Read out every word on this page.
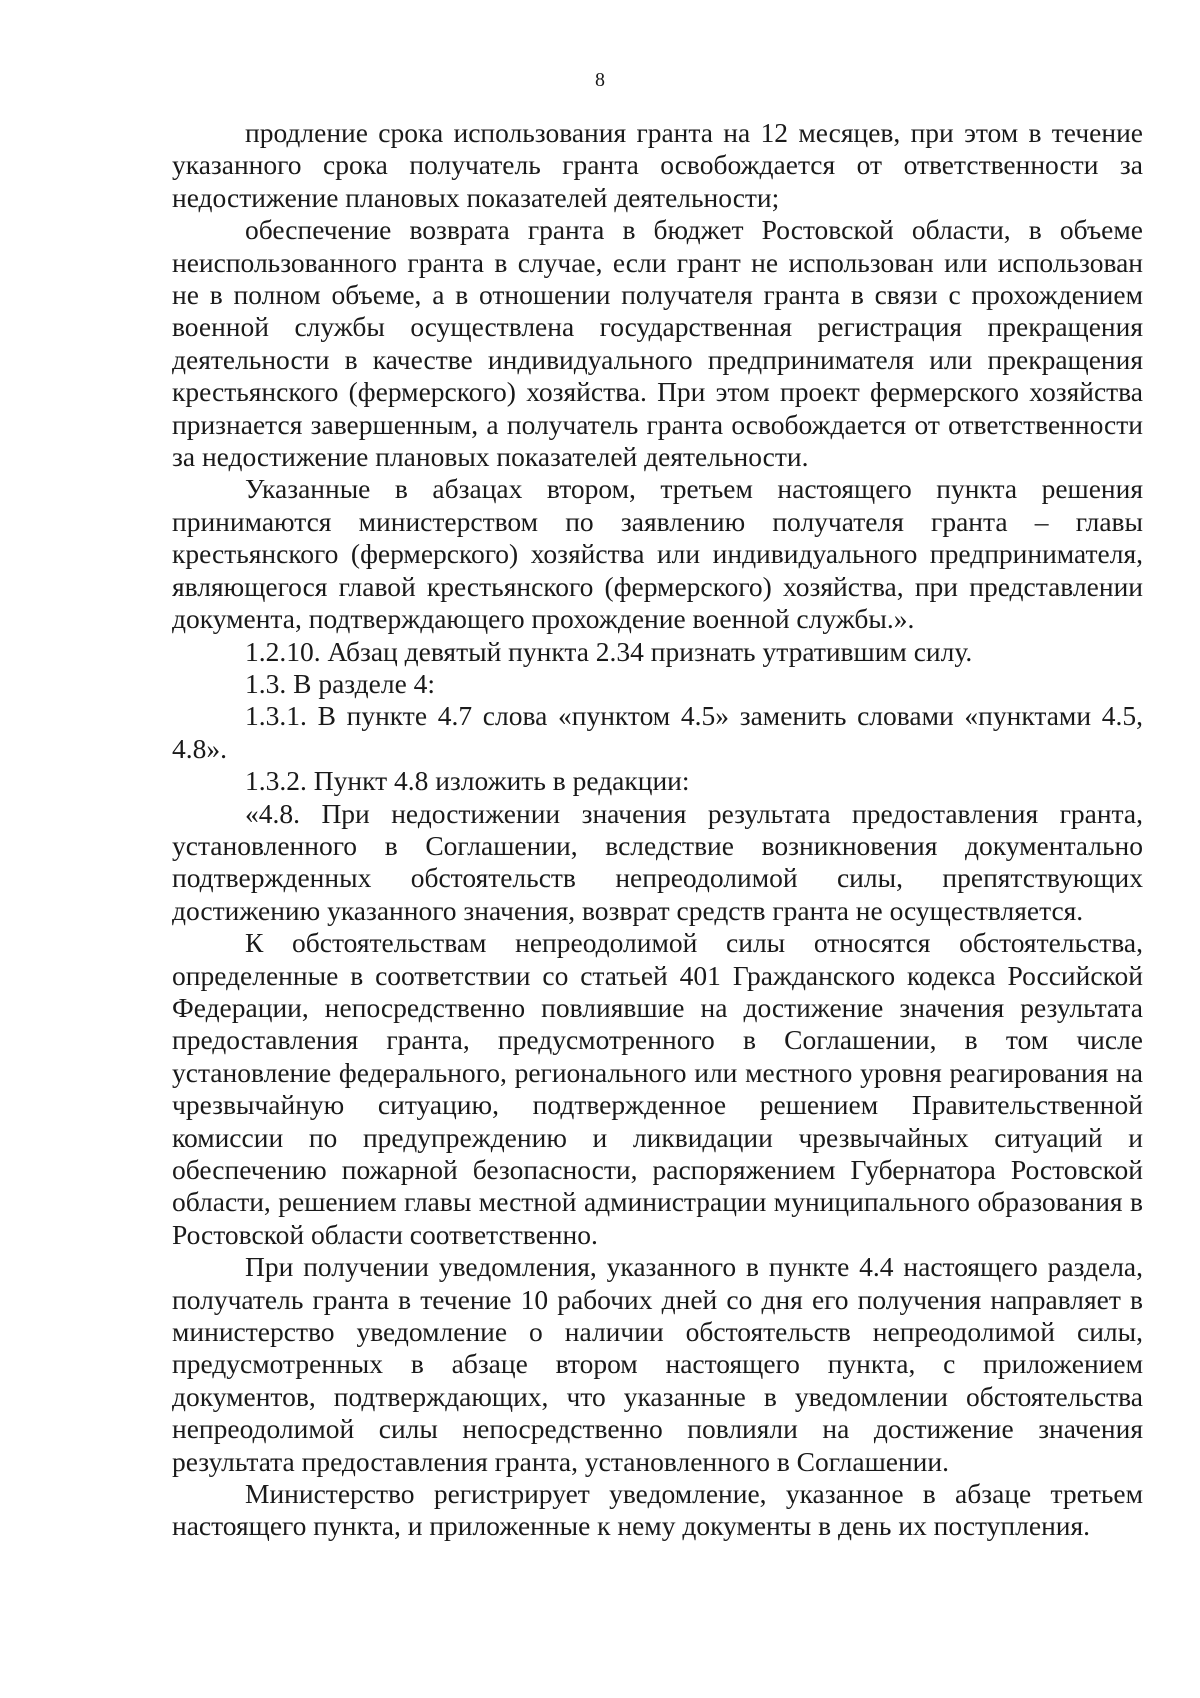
8

продление срока использования гранта на 12 месяцев, при этом в течение указанного срока получатель гранта освобождается от ответственности за недостижение плановых показателей деятельности;

обеспечение возврата гранта в бюджет Ростовской области, в объеме неиспользованного гранта в случае, если грант не использован или использован не в полном объеме, а в отношении получателя гранта в связи с прохождением военной службы осуществлена государственная регистрация прекращения деятельности в качестве индивидуального предпринимателя или прекращения крестьянского (фермерского) хозяйства. При этом проект фермерского хозяйства признается завершенным, а получатель гранта освобождается от ответственности за недостижение плановых показателей деятельности.

Указанные в абзацах втором, третьем настоящего пункта решения принимаются министерством по заявлению получателя гранта – главы крестьянского (фермерского) хозяйства или индивидуального предпринимателя, являющегося главой крестьянского (фермерского) хозяйства, при представлении документа, подтверждающего прохождение военной службы.».

1.2.10. Абзац девятый пункта 2.34 признать утратившим силу.

1.3. В разделе 4:

1.3.1. В пункте 4.7 слова «пунктом 4.5» заменить словами «пунктами 4.5, 4.8».

1.3.2. Пункт 4.8 изложить в редакции:

«4.8. При недостижении значения результата предоставления гранта, установленного в Соглашении, вследствие возникновения документально подтвержденных обстоятельств непреодолимой силы, препятствующих достижению указанного значения, возврат средств гранта не осуществляется.

К обстоятельствам непреодолимой силы относятся обстоятельства, определенные в соответствии со статьей 401 Гражданского кодекса Российской Федерации, непосредственно повлиявшие на достижение значения результата предоставления гранта, предусмотренного в Соглашении, в том числе установление федерального, регионального или местного уровня реагирования на чрезвычайную ситуацию, подтвержденное решением Правительственной комиссии по предупреждению и ликвидации чрезвычайных ситуаций и обеспечению пожарной безопасности, распоряжением Губернатора Ростовской области, решением главы местной администрации муниципального образования в Ростовской области соответственно.

При получении уведомления, указанного в пункте 4.4 настоящего раздела, получатель гранта в течение 10 рабочих дней со дня его получения направляет в министерство уведомление о наличии обстоятельств непреодолимой силы, предусмотренных в абзаце втором настоящего пункта, с приложением документов, подтверждающих, что указанные в уведомлении обстоятельства непреодолимой силы непосредственно повлияли на достижение значения результата предоставления гранта, установленного в Соглашении.

Министерство регистрирует уведомление, указанное в абзаце третьем настоящего пункта, и приложенные к нему документы в день их поступления.
